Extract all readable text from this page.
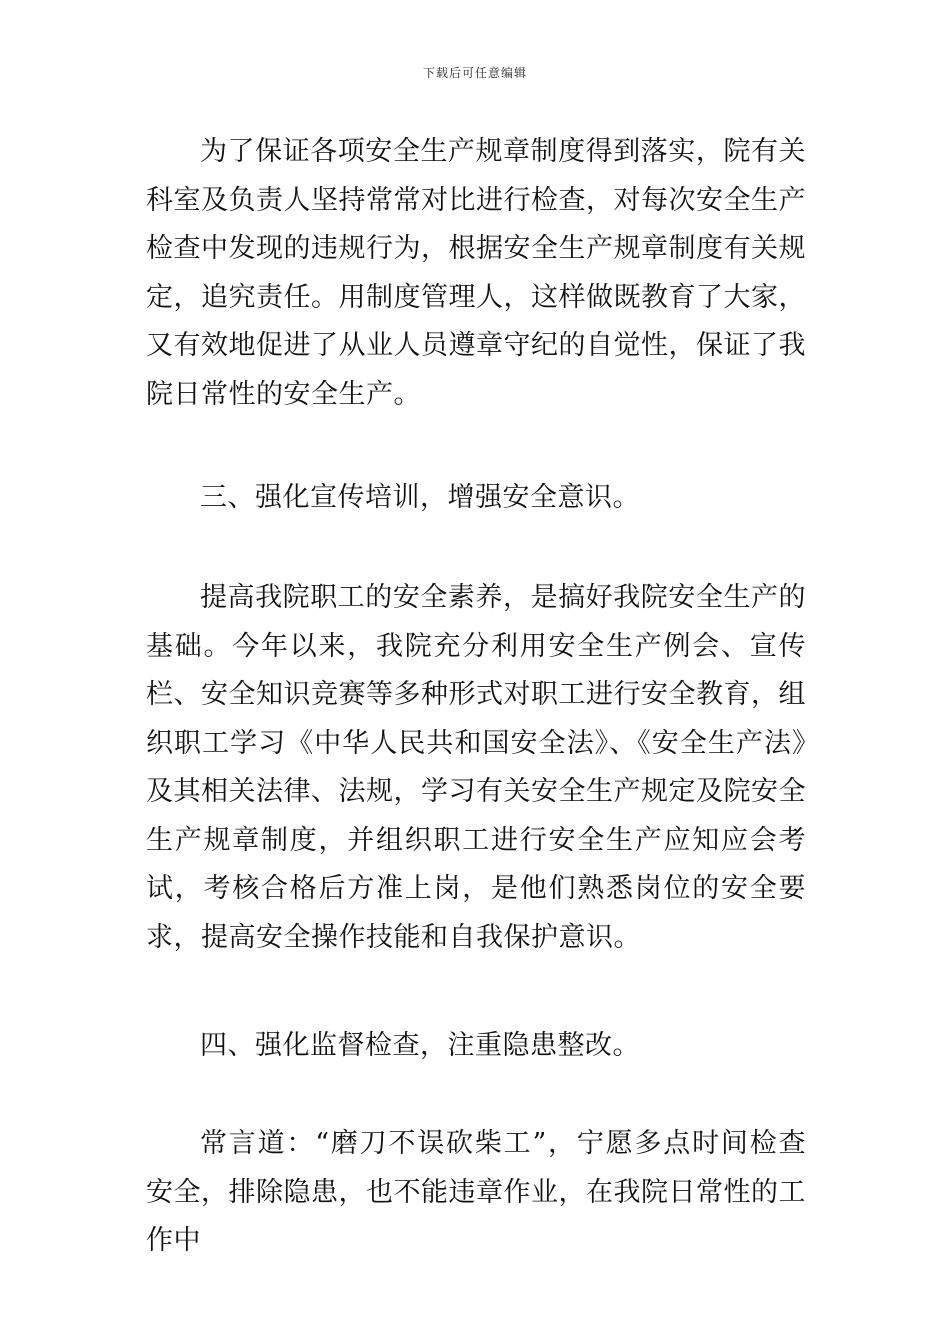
下载后可任意编辑

为了保证各项安全生产规章制度得到落实，院有关科室及负责人坚持常常对比进行检查，对每次安全生产检查中发现的违规行为，根据安全生产规章制度有关规定，追究责任。用制度管理人，这样做既教育了大家，又有效地促进了从业人员遵章守纪的自觉性，保证了我院日常性的安全生产。

三、强化宣传培训，增强安全意识。

提高我院职工的安全素养，是搞好我院安全生产的基础。今年以来，我院充分利用安全生产例会、宣传栏、安全知识竞赛等多种形式对职工进行安全教育，组织职工学习《中华人民共和国安全法》、《安全生产法》及其相关法律、法规，学习有关安全生产规定及院安全生产规章制度，并组织职工进行安全生产应知应会考试，考核合格后方准上岗，是他们熟悉岗位的安全要求，提高安全操作技能和自我保护意识。

四、强化监督检查，注重隐患整改。

常言道：“磨刀不误砍柴工”，宁愿多点时间检查安全，排除隐患，也不能违章作业，在我院日常性的工作中
